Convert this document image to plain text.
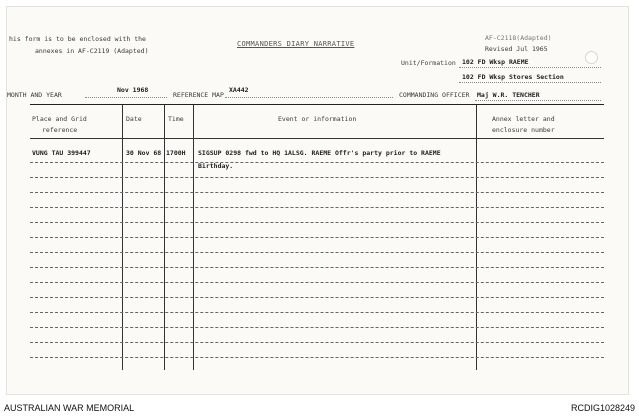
his form is to be enclosed with the
annexes in AF-C2119 (Adapted)
COMMANDERS DIARY NARRATIVE
AF-C2118(Adapted)
Revised Jul 1965
Unit/Formation 102 FD Wksp RAEME
102 FD Wksp Stores Section
MONTH AND YEAR
Nov 1968
REFERENCE MAP
XA442
COMMANDING OFFICER Maj W.R. TENCHER
Place and Grid
reference
Date	Time	Event or information	Annex letter and
enclosure number
VUNG TAU 399447	30 Nov 68 1700H SIGSUP 0298 fwd to HQ 1ALSG. RAEME Offr's party prior to RAEME
Birthday.
AUSTRALIAN WAR MEMORIAL	RCDIG1028249
